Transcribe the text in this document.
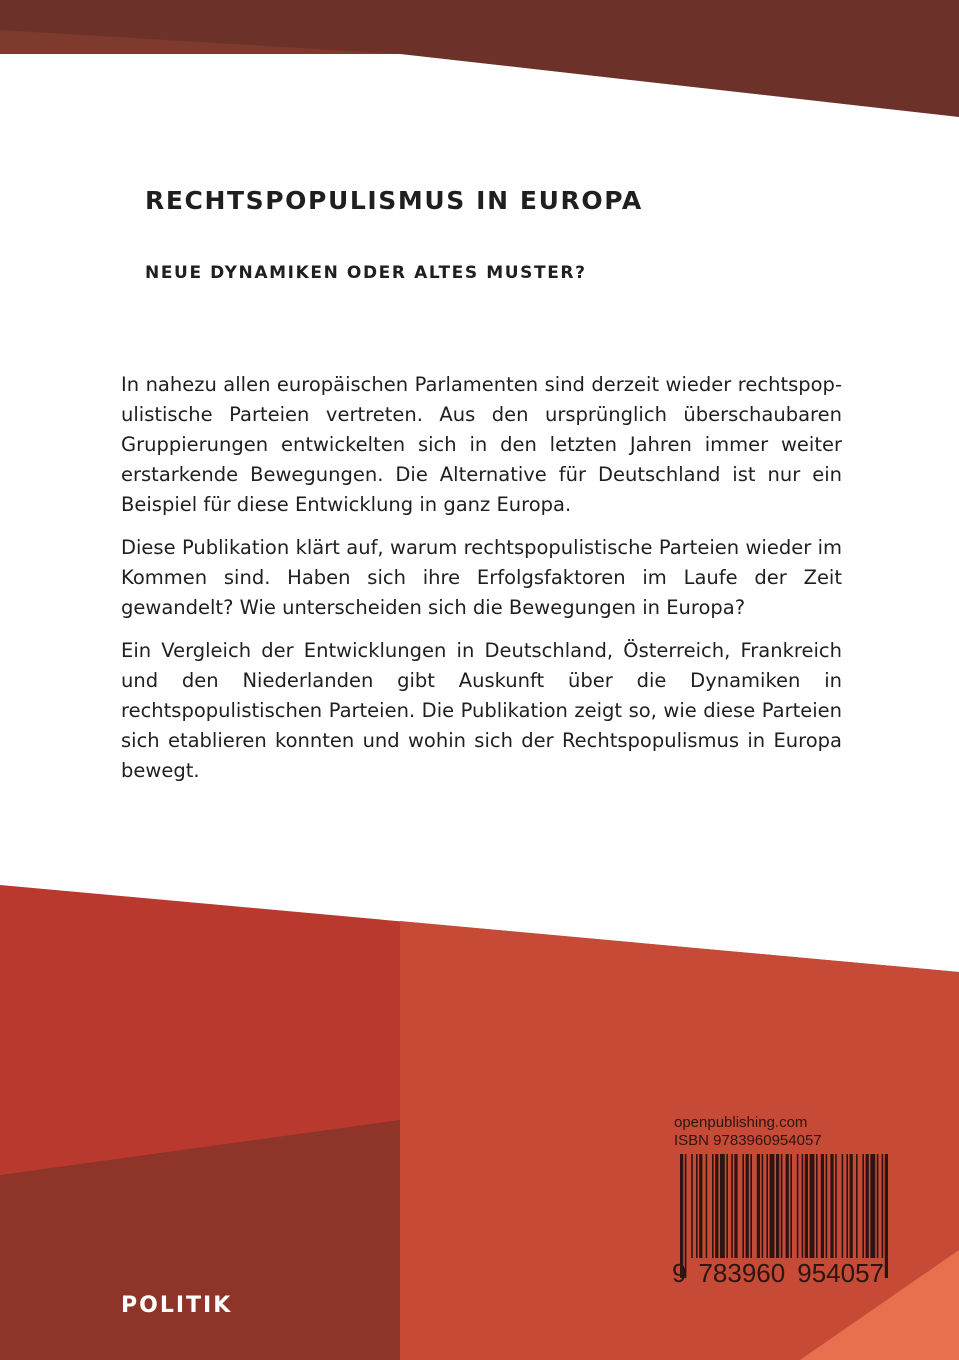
RECHTSPOPULISMUS IN EUROPA
NEUE DYNAMIKEN ODER ALTES MUSTER?

In nahezu allen europäischen Parlamenten sind derzeit wieder rechtspopulistische Parteien vertreten. Aus den ursprünglich überschaubaren Gruppierungen entwickelten sich in den letzten Jahren immer weiter erstarkende Bewegungen. Die Alternative für Deutschland ist nur ein Beispiel für diese Entwicklung in ganz Europa.

Diese Publikation klärt auf, warum rechtspopulistische Parteien wieder im Kommen sind. Haben sich ihre Erfolgsfaktoren im Laufe der Zeit gewandelt? Wie unterscheiden sich die Bewegungen in Europa?

Ein Vergleich der Entwicklungen in Deutschland, Österreich, Frankreich und den Niederlanden gibt Auskunft über die Dynamiken in rechtspopulistischen Parteien. Die Publikation zeigt so, wie diese Parteien sich etablieren konnten und wohin sich der Rechtspopulismus in Europa bewegt.

POLITIK
openpublishing.com
ISBN 9783960954057
9 783960 954057
